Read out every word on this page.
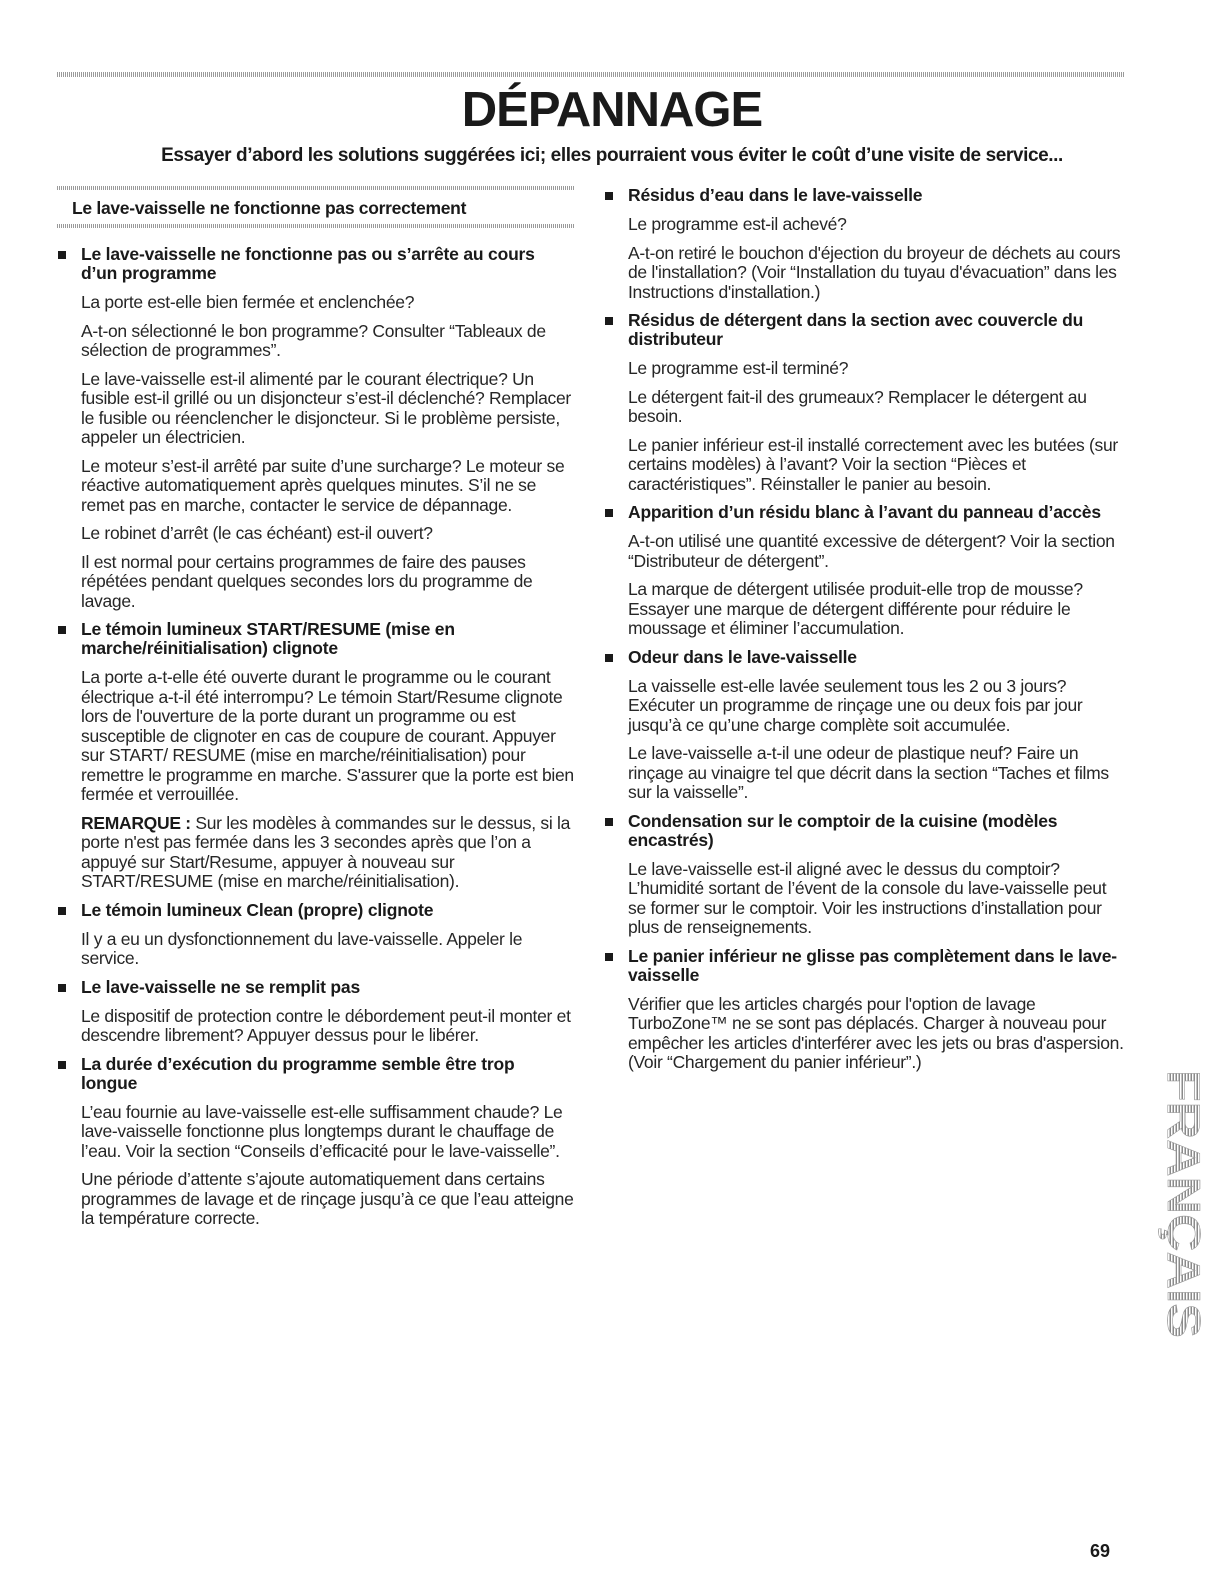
DÉPANNAGE

Essayer d’abord les solutions suggérées ici; elles pourraient vous éviter le coût d’une visite de service...

Le lave-vaisselle ne fonctionne pas correctement
Le lave-vaisselle ne fonctionne pas ou s’arrête au cours d’un programme

La porte est-elle bien fermée et enclenchée?

A-t-on sélectionné le bon programme? Consulter “Tableaux de sélection de programmes”.

Le lave-vaisselle est-il alimenté par le courant électrique? Un fusible est-il grillé ou un disjoncteur s’est-il déclenché? Remplacer le fusible ou réenclencher le disjoncteur. Si le problème persiste, appeler un électricien.

Le moteur s’est-il arrêté par suite d’une surcharge? Le moteur se réactive automatiquement après quelques minutes. S’il ne se remet pas en marche, contacter le service de dépannage.

Le robinet d’arrêt (le cas échéant) est-il ouvert?

Il est normal pour certains programmes de faire des pauses répétées pendant quelques secondes lors du programme de lavage.

Le témoin lumineux START/RESUME (mise en marche/réinitialisation) clignote

La porte a-t-elle été ouverte durant le programme ou le courant électrique a-t-il été interrompu? Le témoin Start/Resume clignote lors de l'ouverture de la porte durant un programme ou est susceptible de clignoter en cas de coupure de courant. Appuyer sur START/ RESUME (mise en marche/réinitialisation) pour remettre le programme en marche. S'assurer que la porte est bien fermée et verrouillée.

REMARQUE : Sur les modèles à commandes sur le dessus, si la porte n'est pas fermée dans les 3 secondes après que l’on a appuyé sur Start/Resume, appuyer à nouveau sur START/RESUME (mise en marche/réinitialisation).

Le témoin lumineux Clean (propre) clignote

Il y a eu un dysfonctionnement du lave-vaisselle. Appeler le service.

Le lave-vaisselle ne se remplit pas

Le dispositif de protection contre le débordement peut-il monter et descendre librement? Appuyer dessus pour le libérer.

La durée d’exécution du programme semble être trop longue

L’eau fournie au lave-vaisselle est-elle suffisamment chaude? Le lave-vaisselle fonctionne plus longtemps durant le chauffage de l’eau. Voir la section “Conseils d’efficacité pour le lave-vaisselle”.

Une période d’attente s’ajoute automatiquement dans certains programmes de lavage et de rinçage jusqu’à ce que l’eau atteigne la température correcte.

Résidus d’eau dans le lave-vaisselle

Le programme est-il achevé?

A-t-on retiré le bouchon d'éjection du broyeur de déchets au cours de l'installation? (Voir “Installation du tuyau d'évacuation” dans les Instructions d'installation.)

Résidus de détergent dans la section avec couvercle du distributeur

Le programme est-il terminé?

Le détergent fait-il des grumeaux? Remplacer le détergent au besoin.

Le panier inférieur est-il installé correctement avec les butées (sur certains modèles) à l’avant? Voir la section “Pièces et caractéristiques”. Réinstaller le panier au besoin.

Apparition d’un résidu blanc à l’avant du panneau d’accès

A-t-on utilisé une quantité excessive de détergent? Voir la section “Distributeur de détergent”.

La marque de détergent utilisée produit-elle trop de mousse? Essayer une marque de détergent différente pour réduire le moussage et éliminer l’accumulation.

Odeur dans le lave-vaisselle

La vaisselle est-elle lavée seulement tous les 2 ou 3 jours? Exécuter un programme de rinçage une ou deux fois par jour jusqu’à ce qu’une charge complète soit accumulée.

Le lave-vaisselle a-t-il une odeur de plastique neuf? Faire un rinçage au vinaigre tel que décrit dans la section “Taches et films sur la vaisselle”.

Condensation sur le comptoir de la cuisine (modèles encastrés)

Le lave-vaisselle est-il aligné avec le dessus du comptoir? L’humidité sortant de l’évent de la console du lave-vaisselle peut se former sur le comptoir. Voir les instructions d’installation pour plus de renseignements.

Le panier inférieur ne glisse pas complètement dans le lave-vaisselle

Vérifier que les articles chargés pour l'option de lavage TurboZone™ ne se sont pas déplacés. Charger à nouveau pour empêcher les articles d'interférer avec les jets ou bras d'aspersion. (Voir “Chargement du panier inférieur”.)

FRANÇAIS
69
